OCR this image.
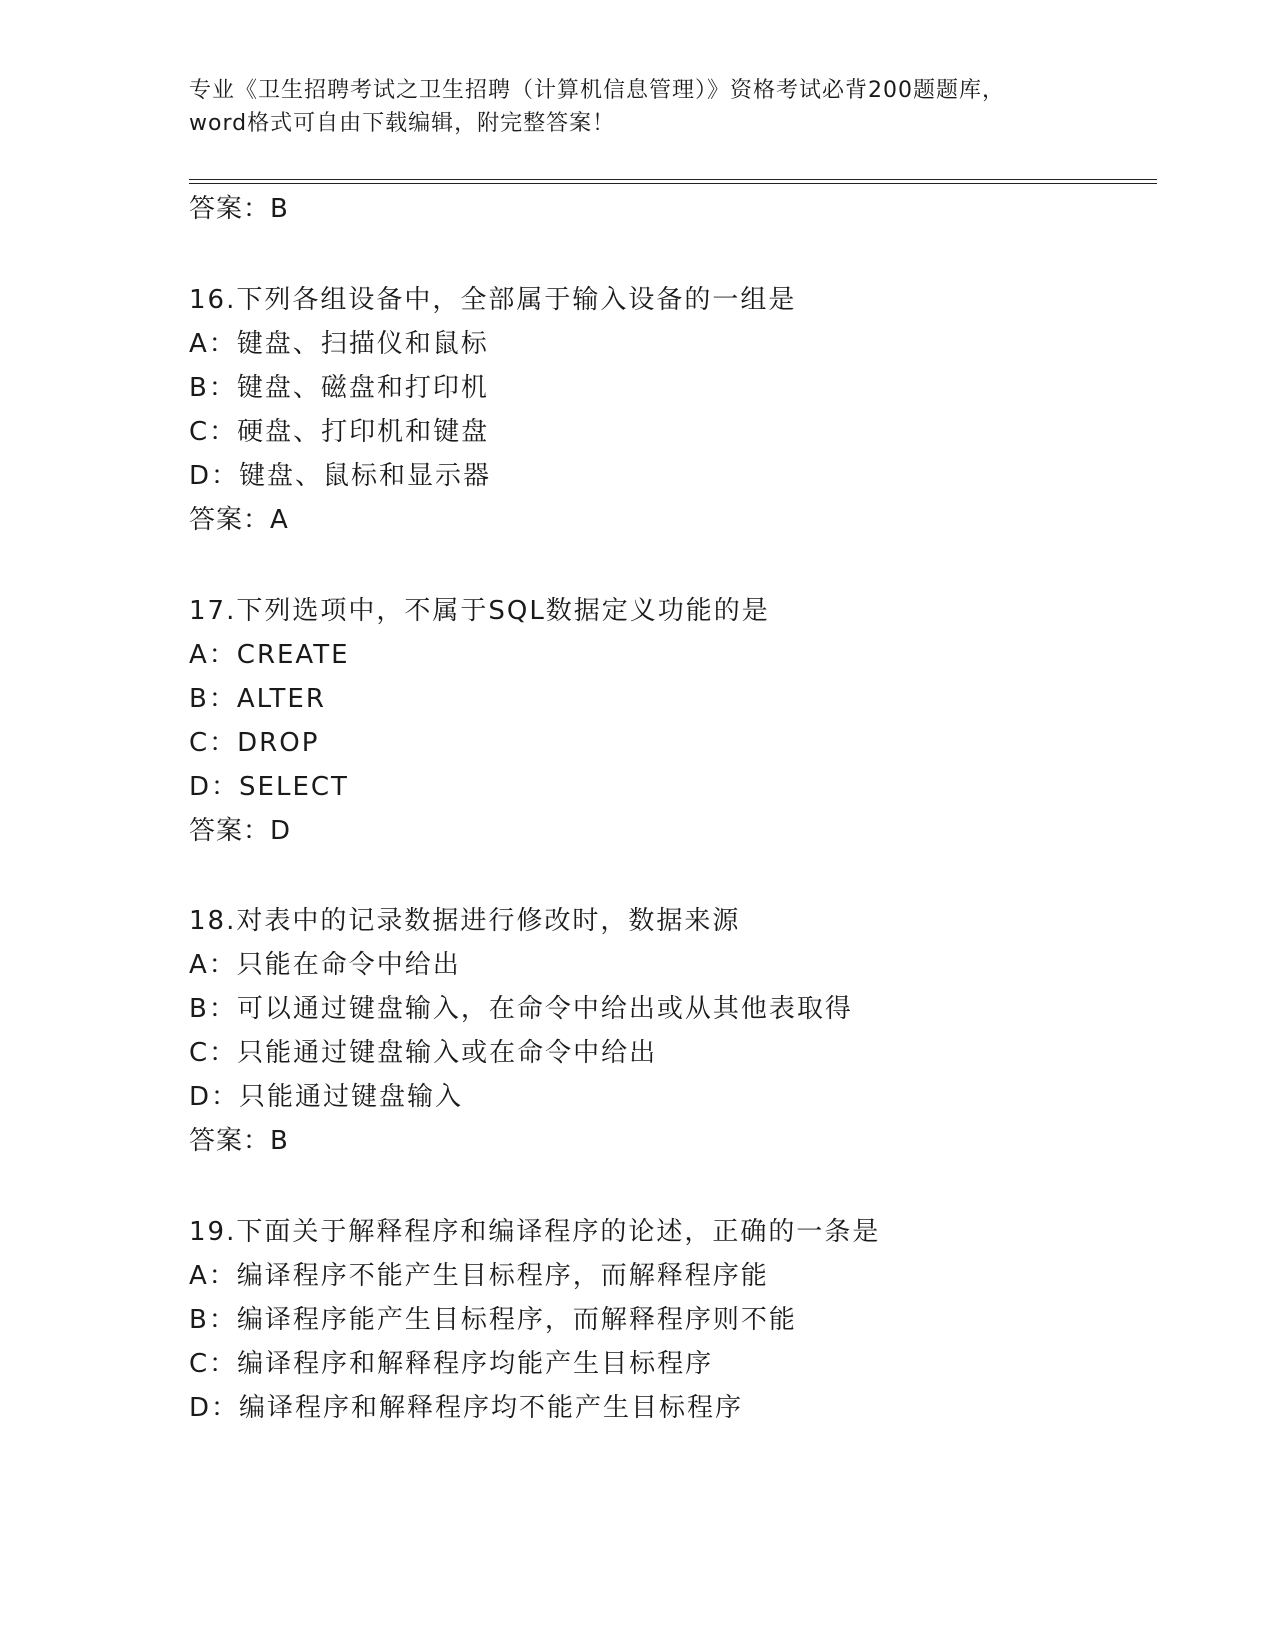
专业《卫生招聘考试之卫生招聘（计算机信息管理）》资格考试必背200题题库，
word格式可自由下载编辑，附完整答案！
答案：B
16.下列各组设备中，全部属于输入设备的一组是
A：键盘、扫描仪和鼠标
B：键盘、磁盘和打印机
C：硬盘、打印机和键盘
D：键盘、鼠标和显示器
答案：A
17.下列选项中，不属于SQL数据定义功能的是
A：CREATE
B：ALTER
C：DROP
D：SELECT
答案：D
18.对表中的记录数据进行修改时，数据来源
A：只能在命令中给出
B：可以通过键盘输入，在命令中给出或从其他表取得
C：只能通过键盘输入或在命令中给出
D：只能通过键盘输入
答案：B
19.下面关于解释程序和编译程序的论述，正确的一条是
A：编译程序不能产生目标程序，而解释程序能
B：编译程序能产生目标程序，而解释程序则不能
C：编译程序和解释程序均能产生目标程序
D：编译程序和解释程序均不能产生目标程序
